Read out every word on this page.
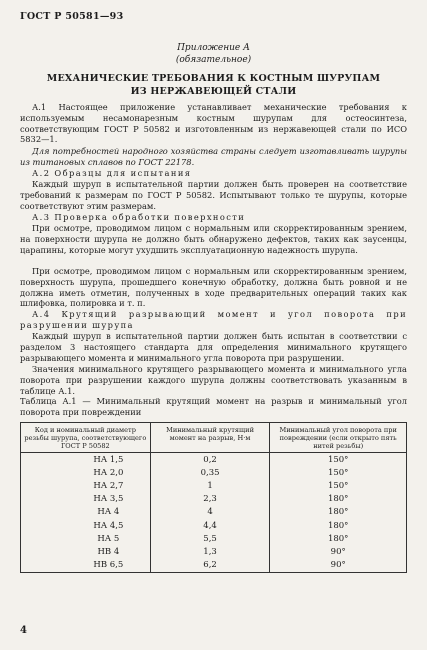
ГОСТ Р 50581—93
Приложение А
(обязательное)
МЕХАНИЧЕСКИЕ ТРЕБОВАНИЯ К КОСТНЫМ ШУРУПАМ
ИЗ НЕРЖАВЕЮЩЕЙ СТАЛИ

А.1 Настоящее приложение устанавливает механические требования к используемым несамонарезным костным шурупам для остеосинтеза, соответствующим ГОСТ Р 50582 и изготовленным из нержавеющей стали по ИСО 5832—1.

Для потребностей народного хозяйства страны следует изготавливать шурупы из титановых сплавов по ГОСТ 22178.

А.2 Образцы для испытания

Каждый шуруп в испытательной партии должен быть проверен на соответствие требований к размерам по ГОСТ Р 50582. Испытывают только те шурупы, которые соответствуют этим размерам.

А.3 Проверка обработки поверхности

При осмотре, проводимом лицом с нормальным или скорректированным зрением, на поверхности шурупа не должно быть обнаружено дефектов, таких как заусенцы, царапины, которые могут ухудшить эксплуатационную надежность шурупа.

При осмотре, проводимом лицом с нормальным или скорректированным зрением, поверхность шурупа, прошедшего конечную обработку, должна быть ровной и не должна иметь отметин, полученных в ходе предварительных операций таких как шлифовка, полировка и т. п.

А.4 Крутящий разрывающий момент и угол поворота при разрушении шурупа

Каждый шуруп в испытательной партии должен быть испытан в соответствии с разделом 3 настоящего стандарта для определения минимального крутящего разрывающего момента и минимального угла поворота при разрушении.

Значения минимального крутящего разрывающего момента и минимального угла поворота при разрушении каждого шурупа должны соответствовать указанным в таблице А.1.

Таблица А.1 — Минимальный крутящий момент на разрыв и минимальный угол поворота при повреждении

Код и номинальный диаметр резьбы шурупа, соответствующего ГОСТ Р 50582	Минимальный крутящий момент на разрыв, Н·м	Минимальный угол поворота при повреждении (если открыто пять нитей резьбы)
НА 1,5	0,2	150°
НА 2,0	0,35	150°
НА 2,7	1	150°
НА 3,5	2,3	180°
НА 4	4	180°
НА 4,5	4,4	180°
НА 5	5,5	180°
НВ 4	1,3	90°
НВ 6,5	6,2	90°
4
